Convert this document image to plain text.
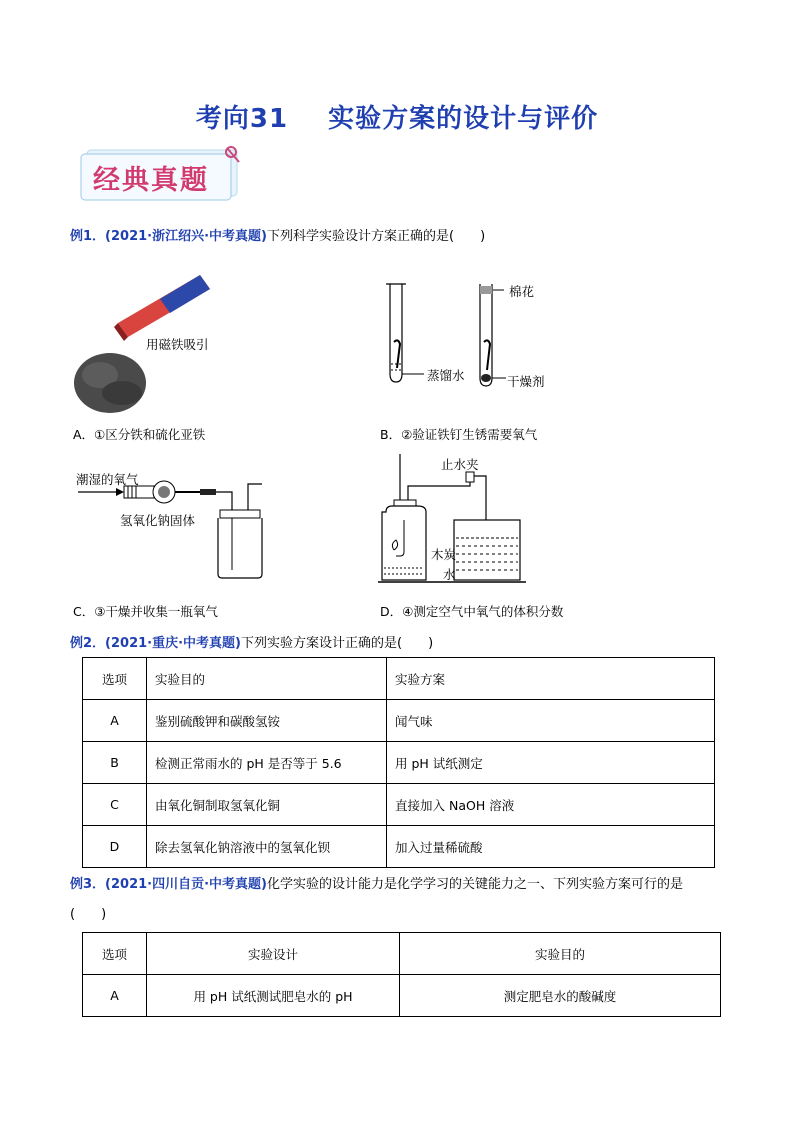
考向31 实验方案的设计与评价
经典真题
例1．(2021·浙江绍兴·中考真题)下列科学实验设计方案正确的是(　　)
用磁铁吸引
棉花
蒸馏水	干燥剂
A．①区分铁和硫化亚铁	B．②验证铁钉生锈需要氧气
潮湿的氧气
氢氧化钠固体
止水夹
木炭
水
C．③干燥并收集一瓶氧气	D．④测定空气中氧气的体积分数
例2．(2021·重庆·中考真题)下列实验方案设计正确的是(　　)
选项	实验目的	实验方案
A	鉴别硫酸钾和碳酸氢铵	闻气味
B	检测正常雨水的 pH 是否等于 5.6	用 pH 试纸测定
C	由氧化铜制取氢氧化铜	直接加入 NaOH 溶液
D	除去氢氧化钠溶液中的氢氧化钡	加入过量稀硫酸
例3．(2021·四川自贡·中考真题)化学实验的设计能力是化学学习的关键能力之一、下列实验方案可行的是
(　　)
选项	实验设计	实验目的
A	用 pH 试纸测试肥皂水的 pH	测定肥皂水的酸碱度
